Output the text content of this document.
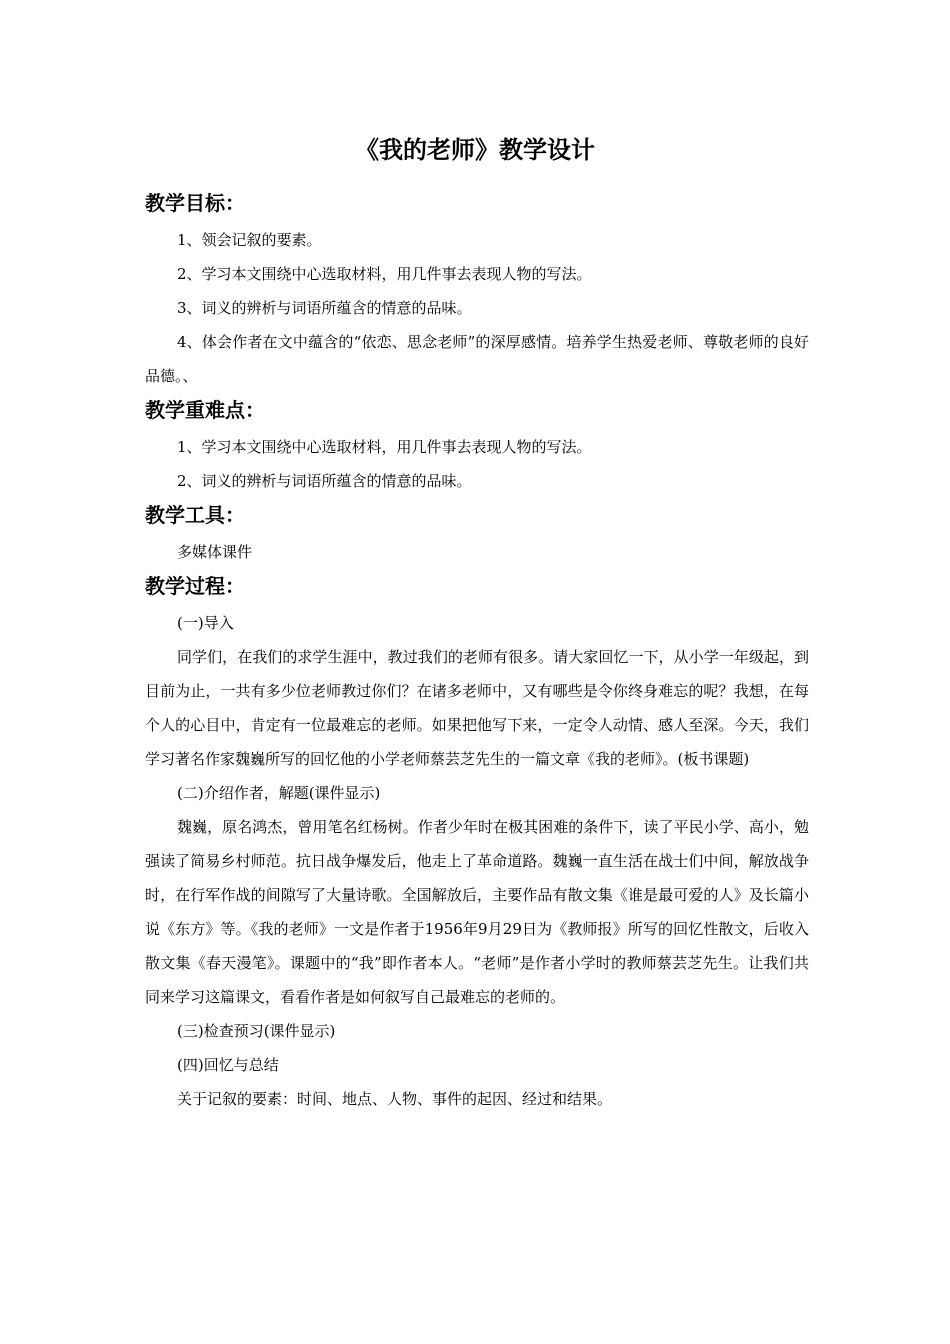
《我的老师》教学设计
教学目标：

1、领会记叙的要素。

2、学习本文围绕中心选取材料，用几件事去表现人物的写法。

3、词义的辨析与词语所蕴含的情意的品味。

4、体会作者在文中蕴含的“依恋、思念老师”的深厚感情。培养学生热爱老师、尊敬老师的良好品德。、

教学重难点：

1、学习本文围绕中心选取材料，用几件事去表现人物的写法。

2、词义的辨析与词语所蕴含的情意的品味。

教学工具：

多媒体课件

教学过程：

(一)导入

同学们，在我们的求学生涯中，教过我们的老师有很多。请大家回忆一下，从小学一年级起，到目前为止，一共有多少位老师教过你们？在诸多老师中，又有哪些是令你终身难忘的呢？我想，在每个人的心目中，肯定有一位最难忘的老师。如果把他写下来，一定令人动情、感人至深。今天，我们学习著名作家魏巍所写的回忆他的小学老师蔡芸芝先生的一篇文章《我的老师》。(板书课题)

(二)介绍作者，解题(课件显示)

魏巍，原名鸿杰，曾用笔名红杨树。作者少年时在极其困难的条件下，读了平民小学、高小，勉强读了简易乡村师范。抗日战争爆发后，他走上了革命道路。魏巍一直生活在战士们中间，解放战争时，在行军作战的间隙写了大量诗歌。全国解放后，主要作品有散文集《谁是最可爱的人》及长篇小说《东方》等。《我的老师》一文是作者于1956年9月29日为《教师报》所写的回忆性散文，后收入散文集《春天漫笔》。课题中的“我”即作者本人。“老师”是作者小学时的教师蔡芸芝先生。让我们共同来学习这篇课文，看看作者是如何叙写自己最难忘的老师的。

(三)检查预习(课件显示)

(四)回忆与总结

关于记叙的要素：时间、地点、人物、事件的起因、经过和结果。
